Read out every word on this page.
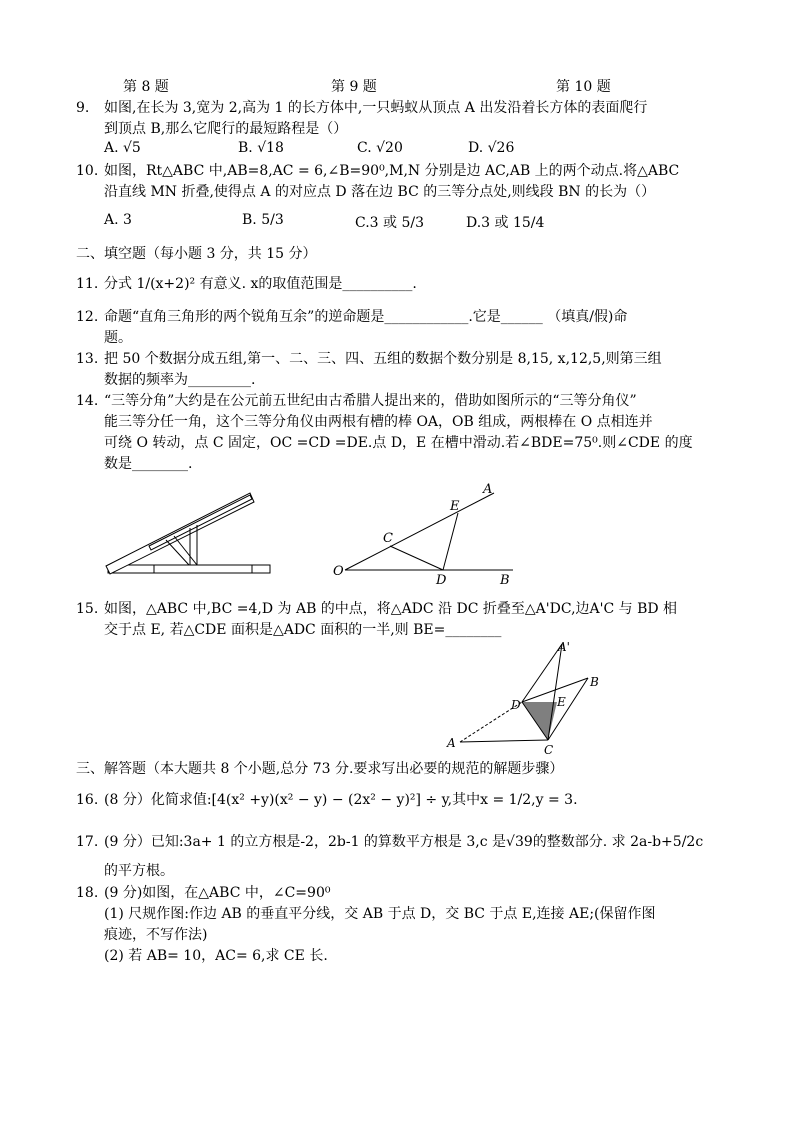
第 8 题	第 9 题	第 10 题
9. 如图,在长为 3,宽为 2,高为 1 的长方体中,一只蚂蚁从顶点 A 出发沿着长方体的表面爬行
到顶点 B,那么它爬行的最短路程是（）
A. √5	B. √18	C. √20	D. √26
10. 如图，Rt△ABC 中,AB=8,AC = 6,∠B=90⁰,M,N 分别是边 AC,AB 上的两个动点.将△ABC
沿直线 MN 折叠,使得点 A 的对应点 D 落在边 BC 的三等分点处,则线段 BN 的长为（）
A. 3	B. 5/3	C.3 或 5/3	D.3 或 15/4
二、填空题（每小题 3 分，共 15 分）
11. 分式 1/(x+2)² 有意义. x的取值范围是__________.
12. 命题“直角三角形的两个锐角互余”的逆命题是____________.它是______ （填真/假)命
题。
13. 把 50 个数据分成五组,第一、二、三、四、五组的数据个数分别是 8,15, x,12,5,则第三组
数据的频率为_________.
14. “三等分角”大约是在公元前五世纪由古希腊人提出来的，借助如图所示的“三等分角仪”
能三等分任一角，这个三等分角仪由两根有槽的棒 OA，OB 组成，两根棒在 O 点相连并
可绕 O 转动，点 C 固定，OC =CD =DE.点 D，E 在槽中滑动.若∠BDE=75⁰.则∠CDE 的度
数是________.
A
E
C
O
D	B
15. 如图，△ABC 中,BC =4,D 为 AB 的中点，将△ADC 沿 DC 折叠至△A'DC,边A'C 与 BD 相
交于点 E, 若△CDE 面积是△ADC 面积的一半,则 BE=________
A'
B
D	E
A	C
三、解答题（本大题共 8 个小题,总分 73 分.要求写出必要的规范的解题步骤）
16. (8 分）化简求值:[4(x² +y)(x² − y) − (2x² − y)²] ÷ y,其中x = 1/2,y = 3.
17. (9 分）已知:3a+ 1 的立方根是-2，2b-1 的算数平方根是 3,c 是√39的整数部分. 求 2a-b+5/2c
的平方根。
18. (9 分)如图，在△ABC 中，∠C=90⁰
(1) 尺规作图:作边 AB 的垂直平分线，交 AB 于点 D，交 BC 于点 E,连接 AE;(保留作图
痕迹，不写作法)
(2) 若 AB= 10，AC= 6,求 CE 长.
